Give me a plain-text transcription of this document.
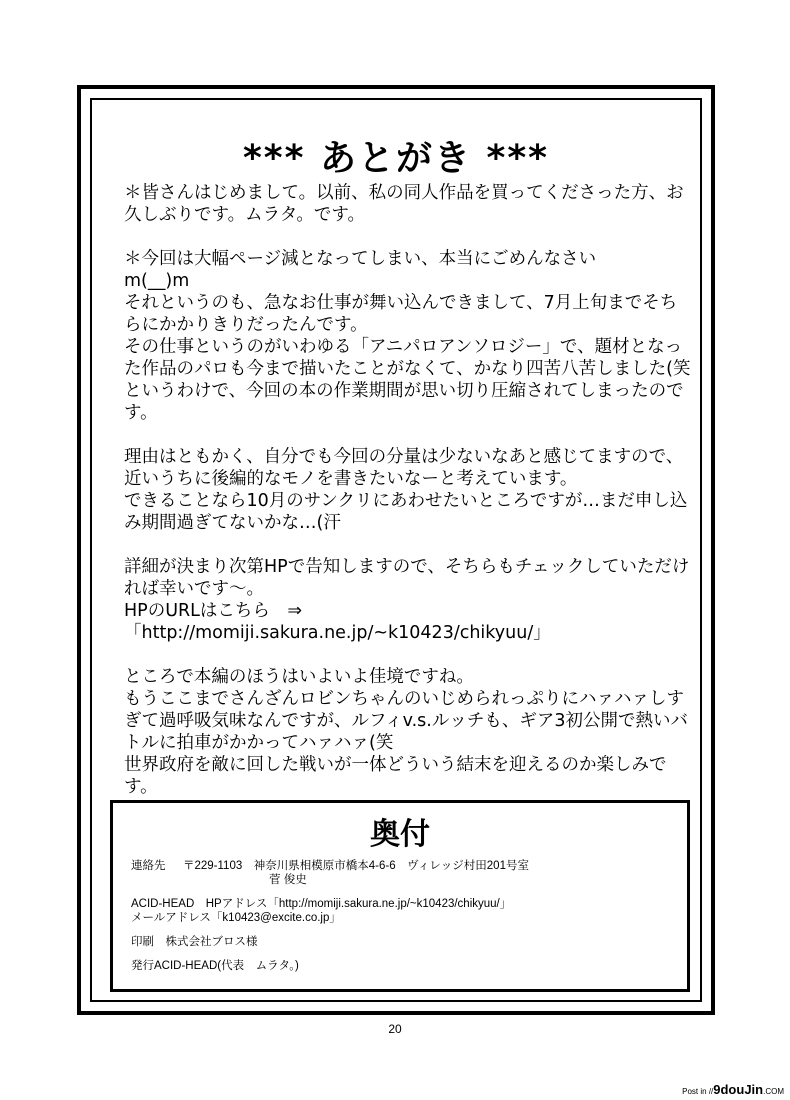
*** あとがき ***

＊皆さんはじめまして。以前、私の同人作品を買ってくださった方、お久しぶりです。ムラタ。です。

＊今回は大幅ページ減となってしまい、本当にごめんなさい
m(__)m
それというのも、急なお仕事が舞い込んできまして、7月上旬までそちらにかかりきりだったんです。
その仕事というのがいわゆる「アニパロアンソロジー」で、題材となった作品のパロも今まで描いたことがなくて、かなり四苦八苦しました(笑
というわけで、今回の本の作業期間が思い切り圧縮されてしまったのです。

理由はともかく、自分でも今回の分量は少ないなあと感じてますので、近いうちに後編的なモノを書きたいなーと考えています。
できることなら10月のサンクリにあわせたいところですが…まだ申し込み期間過ぎてないかな…(汗

詳細が決まり次第HPで告知しますので、そちらもチェックしていただければ幸いです～。
HPのURLはこちら　⇒　「http://momiji.sakura.ne.jp/~k10423/chikyuu/」

ところで本編のほうはいよいよ佳境ですね。
もうここまでさんざんロビンちゃんのいじめられっぷりにハァハァしすぎて過呼吸気味なんですが、ルフィv.s.ルッチも、ギア3初公開で熱いバトルに拍車がかかってハァハァ(笑
世界政府を敵に回した戦いが一体どういう結末を迎えるのか楽しみです。

奥付

連絡先 〒229-1103　神奈川県相模原市橋本4-6-6　ヴィレッジ村田201号室

菅 俊史

ACID-HEAD　HPアドレス「http://momiji.sakura.ne.jp/~k10423/chikyuu/」

メールアドレス「k10423@excite.co.jp」

印刷　株式会社ブロス様

発行ACID-HEAD(代表　ムラタ。)

20
Post in //9douJin.COM
